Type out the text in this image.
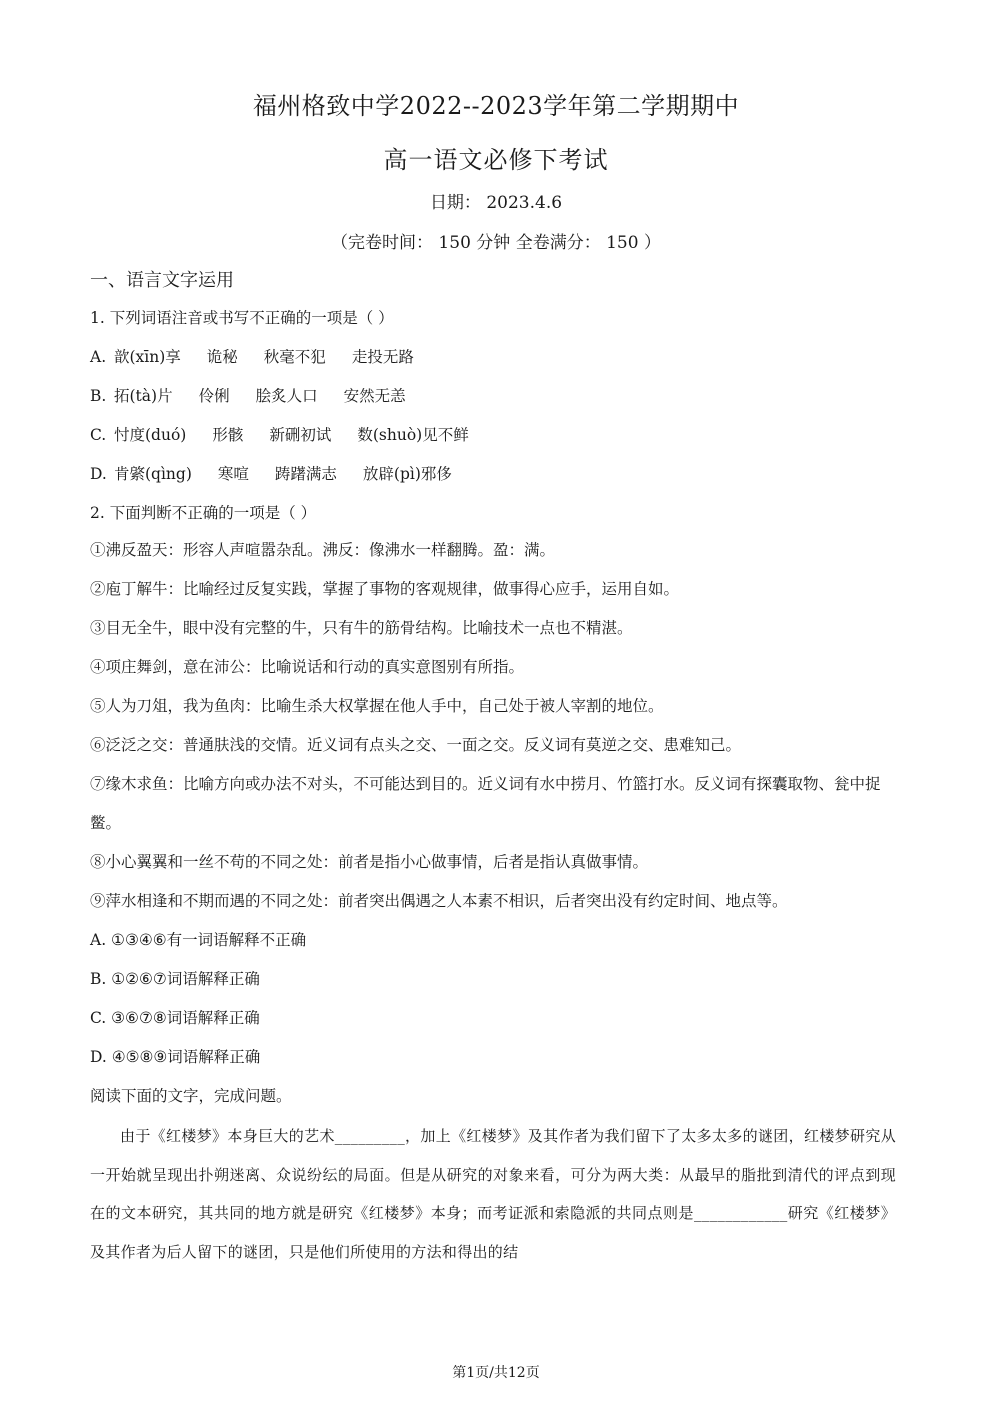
福州格致中学2022--2023学年第二学期期中
高一语文必修下考试
日期： 2023.4.6
（完卷时间： 150 分钟 全卷满分： 150 ）
一、语言文字运用
1. 下列词语注音或书写不正确的一项是（ ）
A. 歆(xīn)享 诡秘 秋毫不犯 走投无路
B. 拓(tà)片 伶俐 脍炙人口 安然无恙
C. 忖度(duó) 形骸 新硎初试 数(shuò)见不鲜
D. 肯綮(qìng) 寒喧 踌躇满志 放辟(pì)邪侈
2. 下面判断不正确的一项是（ ）
①沸反盈天：形容人声喧嚣杂乱。沸反：像沸水一样翻腾。盈：满。
②庖丁解牛：比喻经过反复实践，掌握了事物的客观规律，做事得心应手，运用自如。
③目无全牛，眼中没有完整的牛，只有牛的筋骨结构。比喻技术一点也不精湛。
④项庄舞剑，意在沛公：比喻说话和行动的真实意图别有所指。
⑤人为刀俎，我为鱼肉：比喻生杀大权掌握在他人手中，自己处于被人宰割的地位。
⑥泛泛之交：普通肤浅的交情。近义词有点头之交、一面之交。反义词有莫逆之交、患难知己。
⑦缘木求鱼：比喻方向或办法不对头，不可能达到目的。近义词有水中捞月、竹篮打水。反义词有探囊取物、瓮中捉鳖。
⑧小心翼翼和一丝不苟的不同之处：前者是指小心做事情，后者是指认真做事情。
⑨萍水相逢和不期而遇的不同之处：前者突出偶遇之人本素不相识，后者突出没有约定时间、地点等。
A. ①③④⑥有一词语解释不正确
B. ①②⑥⑦词语解释正确
C. ③⑥⑦⑧词语解释正确
D. ④⑤⑧⑨词语解释正确
阅读下面的文字，完成问题。
由于《红楼梦》本身巨大的艺术_________，加上《红楼梦》及其作者为我们留下了太多太多的谜团，红楼梦研究从一开始就呈现出扑朔迷离、众说纷纭的局面。但是从研究的对象来看，可分为两大类：从最早的脂批到清代的评点到现在的文本研究，其共同的地方就是研究《红楼梦》本身；而考证派和索隐派的共同点则是____________研究《红楼梦》及其作者为后人留下的谜团，只是他们所使用的方法和得出的结
第1页/共12页
